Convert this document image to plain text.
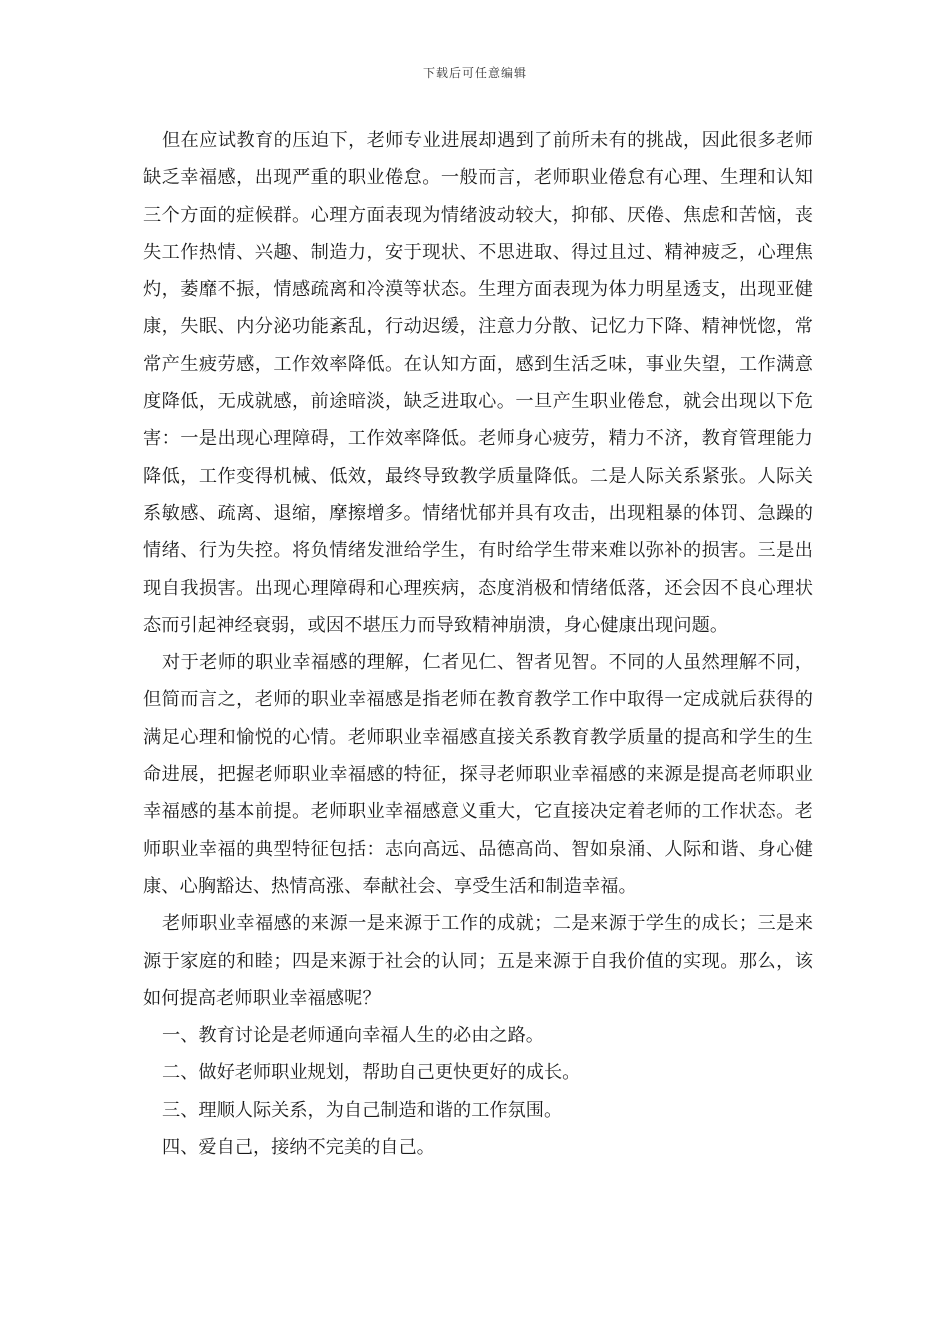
下载后可任意编辑

但在应试教育的压迫下，老师专业进展却遇到了前所未有的挑战，因此很多老师缺乏幸福感，出现严重的职业倦怠。一般而言，老师职业倦怠有心理、生理和认知三个方面的症候群。心理方面表现为情绪波动较大，抑郁、厌倦、焦虑和苦恼，丧失工作热情、兴趣、制造力，安于现状、不思进取、得过且过、精神疲乏，心理焦灼，萎靡不振，情感疏离和冷漠等状态。生理方面表现为体力明星透支，出现亚健康，失眠、内分泌功能紊乱，行动迟缓，注意力分散、记忆力下降、精神恍惚，常常产生疲劳感，工作效率降低。在认知方面，感到生活乏味，事业失望，工作满意度降低，无成就感，前途暗淡，缺乏进取心。一旦产生职业倦怠，就会出现以下危害：一是出现心理障碍，工作效率降低。老师身心疲劳，精力不济，教育管理能力降低，工作变得机械、低效，最终导致教学质量降低。二是人际关系紧张。人际关系敏感、疏离、退缩，摩擦增多。情绪忧郁并具有攻击，出现粗暴的体罚、急躁的情绪、行为失控。将负情绪发泄给学生，有时给学生带来难以弥补的损害。三是出现自我损害。出现心理障碍和心理疾病，态度消极和情绪低落，还会因不良心理状态而引起神经衰弱，或因不堪压力而导致精神崩溃，身心健康出现问题。

对于老师的职业幸福感的理解，仁者见仁、智者见智。不同的人虽然理解不同，但简而言之，老师的职业幸福感是指老师在教育教学工作中取得一定成就后获得的满足心理和愉悦的心情。老师职业幸福感直接关系教育教学质量的提高和学生的生命进展，把握老师职业幸福感的特征，探寻老师职业幸福感的来源是提高老师职业幸福感的基本前提。老师职业幸福感意义重大，它直接决定着老师的工作状态。老师职业幸福的典型特征包括：志向高远、品德高尚、智如泉涌、人际和谐、身心健康、心胸豁达、热情高涨、奉献社会、享受生活和制造幸福。

老师职业幸福感的来源一是来源于工作的成就；二是来源于学生的成长；三是来源于家庭的和睦；四是来源于社会的认同；五是来源于自我价值的实现。那么，该如何提高老师职业幸福感呢？

一、教育讨论是老师通向幸福人生的必由之路。

二、做好老师职业规划，帮助自己更快更好的成长。

三、理顺人际关系，为自己制造和谐的工作氛围。

四、爱自己，接纳不完美的自己。
